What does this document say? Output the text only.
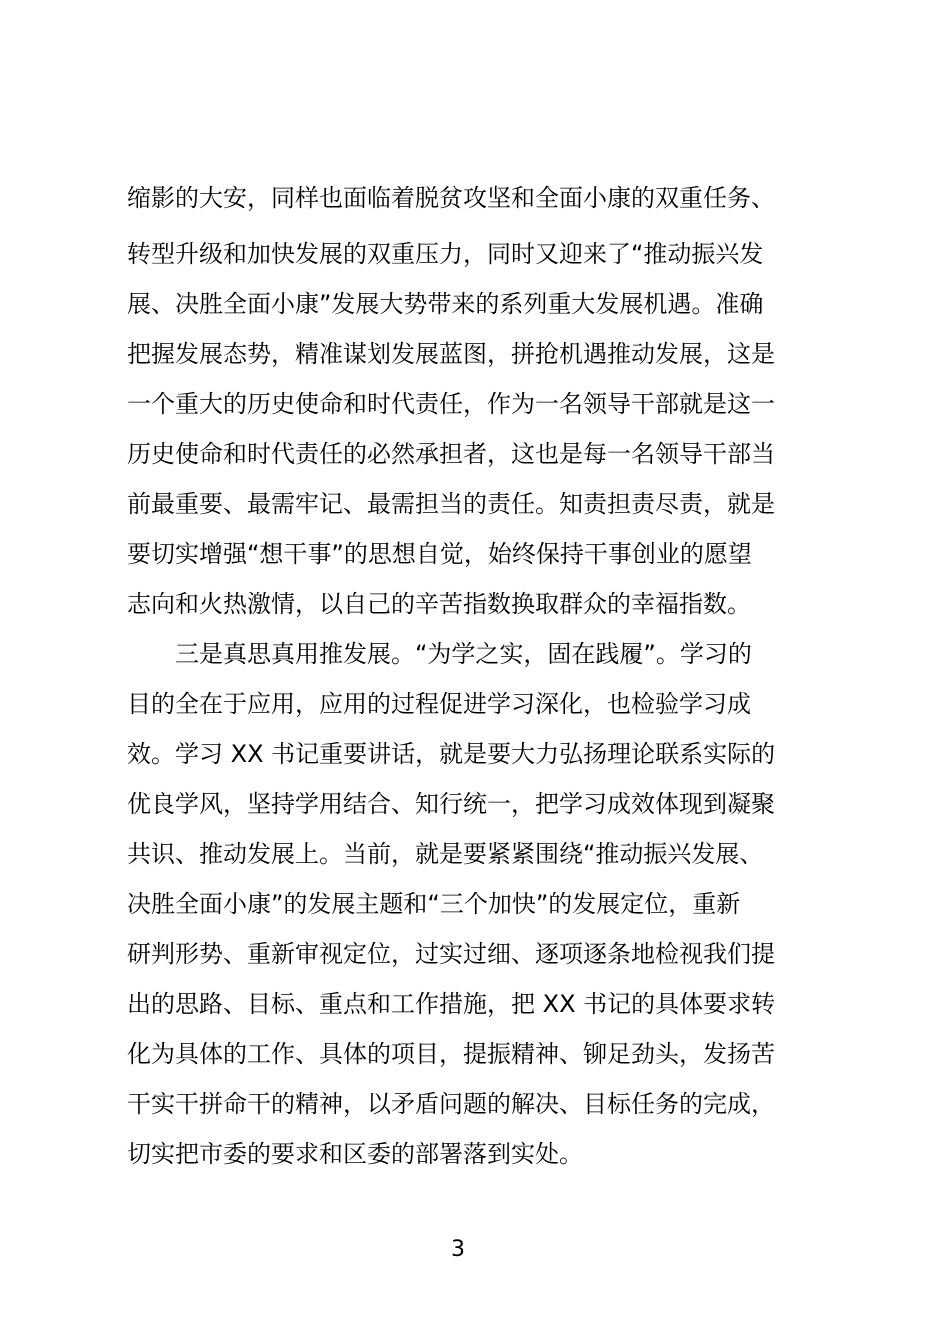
缩影的大安，同样也面临着脱贫攻坚和全面小康的双重任务、
转型升级和加快发展的双重压力，同时又迎来了“推动振兴发
展、决胜全面小康”发展大势带来的系列重大发展机遇。准确
把握发展态势，精准谋划发展蓝图，拼抢机遇推动发展，这是
一个重大的历史使命和时代责任，作为一名领导干部就是这一
历史使命和时代责任的必然承担者，这也是每一名领导干部当
前最重要、最需牢记、最需担当的责任。知责担责尽责，就是
要切实增强“想干事”的思想自觉，始终保持干事创业的愿望
志向和火热激情，以自己的辛苦指数换取群众的幸福指数。
三是真思真用推发展。“为学之实，固在践履”。学习的
目的全在于应用，应用的过程促进学习深化，也检验学习成
效。学习 XX 书记重要讲话，就是要大力弘扬理论联系实际的
优良学风，坚持学用结合、知行统一，把学习成效体现到凝聚
共识、推动发展上。当前，就是要紧紧围绕“推动振兴发展、
决胜全面小康”的发展主题和“三个加快”的发展定位，重新
研判形势、重新审视定位，过实过细、逐项逐条地检视我们提
出的思路、目标、重点和工作措施，把 XX 书记的具体要求转
化为具体的工作、具体的项目，提振精神、铆足劲头，发扬苦
干实干拼命干的精神，以矛盾问题的解决、目标任务的完成，
切实把市委的要求和区委的部署落到实处。
3
